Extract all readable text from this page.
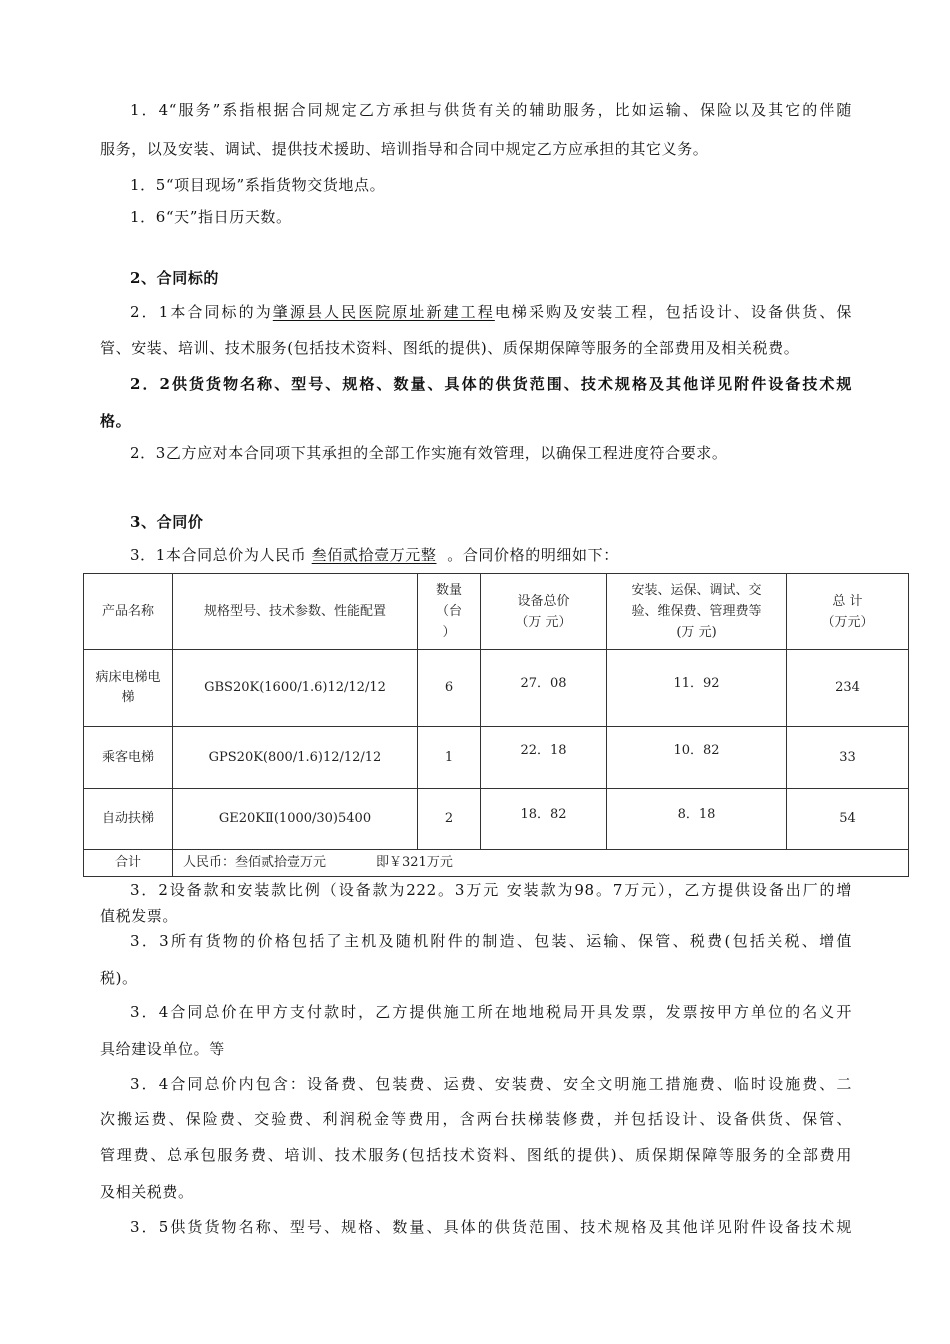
1．4“服务”系指根据合同规定乙方承担与供货有关的辅助服务，比如运输、保险以及其它的伴随
服务，以及安装、调试、提供技术援助、培训指导和合同中规定乙方应承担的其它义务。
1．5“项目现场”系指货物交货地点。
1．6“天”指日历天数。
2、合同标的
2．1本合同标的为肇源县人民医院原址新建工程电梯采购及安装工程，包括设计、设备供货、保
管、安装、培训、技术服务(包括技术资料、图纸的提供)、质保期保障等服务的全部费用及相关税费。
2．2供货货物名称、型号、规格、数量、具体的供货范围、技术规格及其他详见附件设备技术规
格。
2．3乙方应对本合同项下其承担的全部工作实施有效管理，以确保工程进度符合要求。
3、合同价
3．1本合同总价为人民币 叁佰贰拾壹万元整 。合同价格的明细如下：
产品名称	规格型号、技术参数、性能配置	数量
（台
）	设备总价
（万 元）	安装、运保、调试、交
验、维保费、管理费等
(万 元)	总 计
（万元）
病床电梯电梯	GBS20K(1600/1.6)12/12/12	6	27．08	11．92	234
乘客电梯	GPS20K(800/1.6)12/12/12	1	22．18	10．82	33
自动扶梯	GE20KⅡ(1000/30)5400	2	18．82	8．18	54
合计	人民币：叁佰贰拾壹万元 即￥321万元				
3．2设备款和安装款比例（设备款为222。3万元 安装款为98。7万元），乙方提供设备出厂的增
值税发票。
3．3所有货物的价格包括了主机及随机附件的制造、包装、运输、保管、税费(包括关税、增值
税)。
3．4合同总价在甲方支付款时，乙方提供施工所在地地税局开具发票，发票按甲方单位的名义开
具给建设单位。等
3．4合同总价内包含：设备费、包装费、运费、安装费、安全文明施工措施费、临时设施费、二
次搬运费、保险费、交验费、利润税金等费用，含两台扶梯装修费，并包括设计、设备供货、保管、
管理费、总承包服务费、培训、技术服务(包括技术资料、图纸的提供)、质保期保障等服务的全部费用
及相关税费。
3．5供货货物名称、型号、规格、数量、具体的供货范围、技术规格及其他详见附件设备技术规
